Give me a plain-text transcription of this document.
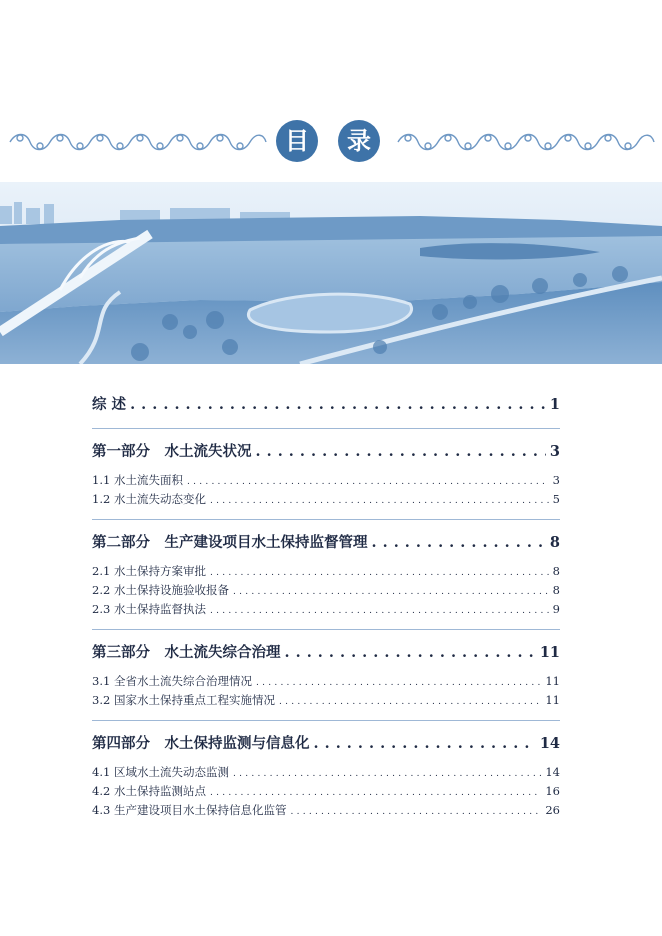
目	录
综 述 . . .	1
第一部分　水土流失状况 . . .	3
1.1 水土流失面积 . . .	3
1.2 水土流失动态变化 . . .	5
第二部分　生产建设项目水土保持监督管理 . . .	8
2.1 水土保持方案审批 . . .	8
2.2 水土保持设施验收报备 . . .	8
2.3 水土保持监督执法 . . .	9
第三部分　水土流失综合治理 . . .	11
3.1 全省水土流失综合治理情况 . . .	11
3.2 国家水土保持重点工程实施情况 . . .	11
第四部分　水土保持监测与信息化 . . .	14
4.1 区域水土流失动态监测 . . .	14
4.2 水土保持监测站点 . . .	16
4.3 生产建设项目水土保持信息化监管 . . .	26
